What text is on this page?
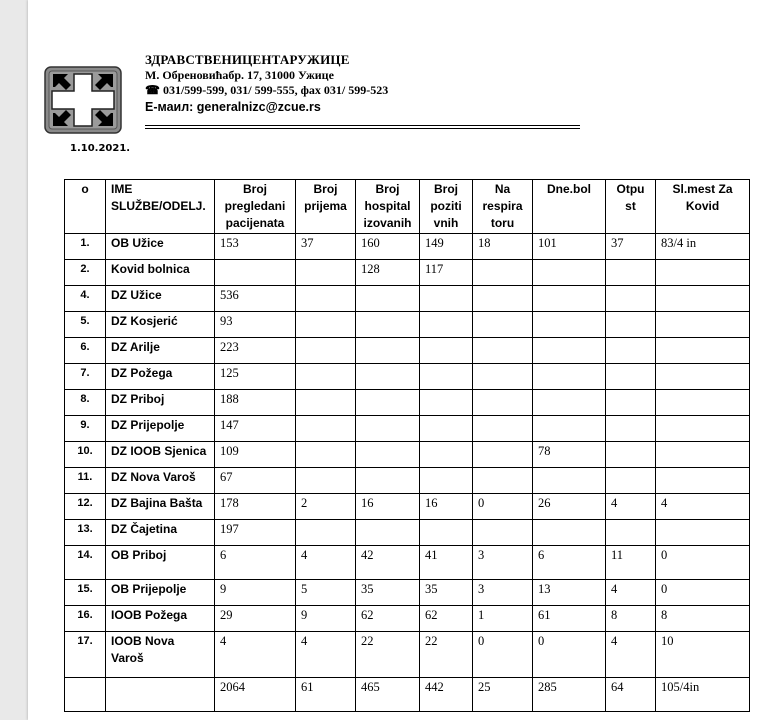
ЗДРАВСТВЕНИЦЕНТАРУЖИЦЕ
М. Обреновићабр. 17, 31000 Ужице
☎ 031/599-599, 031/ 599-555, фах 031/ 599-523
Е-маил: generalnizc@zcue.rs
1.10.2021.
o	IME SLUŽBE/ODELJ.	Broj pregledani pacijenata	Broj prijema	Broj hospital izovanih	Broj poziti vnih	Na respira toru	Dne.bol	Otpu st	Sl.mest Za Kovid
1.	OB Užice	153	37	160	149	18	101	37	83/4 in
2.	Kovid bolnica			128	117				
4.	DZ Užice	536							
5.	DZ Kosjerić	93							
6.	DZ Arilje	223							
7.	DZ Požega	125							
8.	DZ Priboj	188							
9.	DZ Prijepolje	147							
10.	DZ IOOB Sjenica	109					78		
11.	DZ Nova Varoš	67							
12.	DZ Bajina Bašta	178	2	16	16	0	26	4	4
13.	DZ Čajetina	197							
14.	OB Priboj	6	4	42	41	3	6	11	0
15.	OB Prijepolje	9	5	35	35	3	13	4	0
16.	IOOB Požega	29	9	62	62	1	61	8	8
17.	IOOB Nova Varoš	4	4	22	22	0	0	4	10
		2064	61	465	442	25	285	64	105/4in
